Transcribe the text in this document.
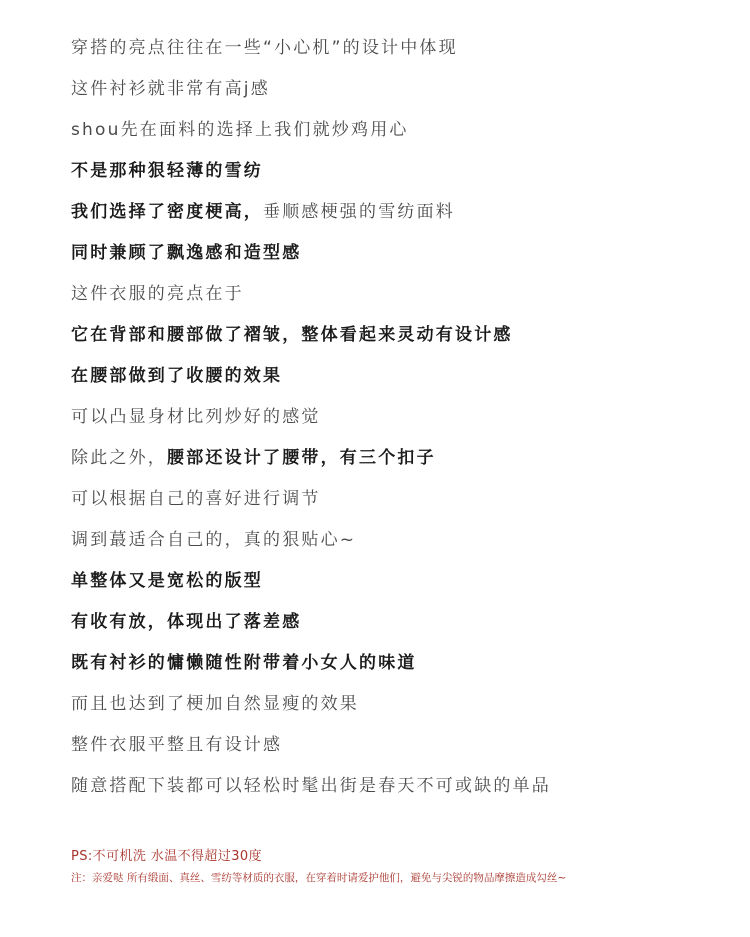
穿搭的亮点往往在一些“小心机”的设计中体现
这件衬衫就非常有高j感
shou先在面料的选择上我们就炒鸡用心
不是那种狠轻薄的雪纺
我们选择了密度梗高，垂顺感梗强的雪纺面料
同时兼顾了飘逸感和造型感
这件衣服的亮点在于
它在背部和腰部做了褶皱，整体看起来灵动有设计感
在腰部做到了收腰的效果
可以凸显身材比列炒好的感觉
除此之外，腰部还设计了腰带，有三个扣子
可以根据自己的喜好进行调节
调到蕞适合自己的，真的狠贴心~
单整体又是宽松的版型
有收有放，体现出了落差感
既有衬衫的慵懒随性附带着小女人的味道
而且也达到了梗加自然显瘦的效果
整件衣服平整且有设计感
随意搭配下装都可以轻松时髦出街是春天不可或缺的单品
PS:不可机洗 水温不得超过30度
注：亲爱哒 所有缎面、真丝、雪纺等材质的衣服，在穿着时请爱护他们，避免与尖锐的物品摩擦造成勾丝~
